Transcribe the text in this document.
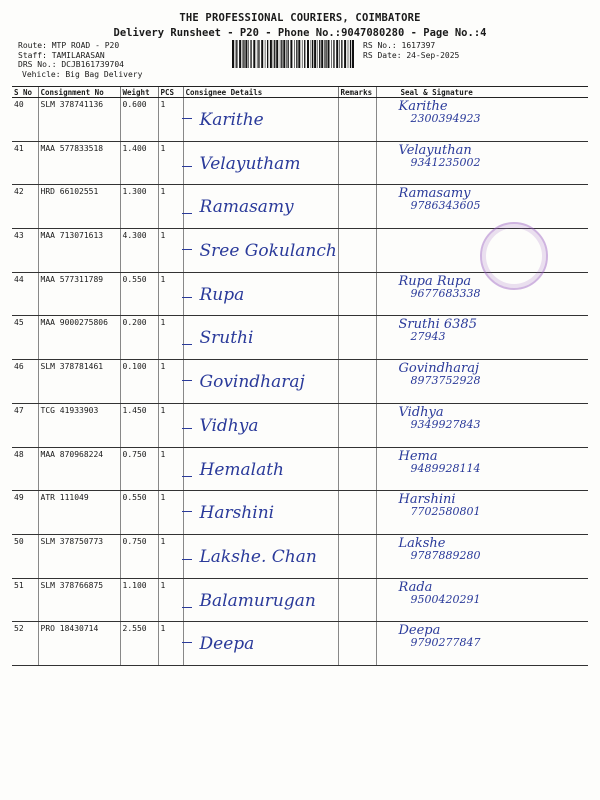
THE PROFESSIONAL COURIERS, COIMBATORE
Delivery Runsheet - P20 - Phone No.:9047080280 - Page No.:4
Route: MTP ROAD - P20
Staff: TAMILARASAN
DRS No.: DCJB161739704
Vehicle: Big Bag Delivery
RS No.: 1617397
RS Date: 24-Sep-2025
S No	Consignment No	Weight	PCS	Consignee Details	Remarks	Seal & Signature
40	SLM 378741136	0.600	1	Karithe		Karithe
2300394923

41	MAA 577833518	1.400	1	Velayutham		Velayuthan
9341235002

42	HRD 66102551	1.300	1	Ramasamy		Ramasamy
9786343605

43	MAA 713071613	4.300	1	Sree Gokulanch		

44	MAA 577311789	0.550	1	Rupa		Rupa Rupa
9677683338

45	MAA 9000275806	0.200	1	Sruthi		Sruthi 6385
27943

46	SLM 378781461	0.100	1	Govindharaj		Govindharaj
8973752928

47	TCG 41933903	1.450	1	Vidhya		Vidhya
9349927843

48	MAA 870968224	0.750	1	Hemalath		Hema
9489928114

49	ATR 111049	0.550	1	Harshini		Harshini
7702580801

50	SLM 378750773	0.750	1	Lakshe. Chan		Lakshe
9787889280

51	SLM 378766875	1.100	1	Balamurugan		Rada
9500420291

52	PRO 18430714	2.550	1	Deepa		Deepa
9790277847
